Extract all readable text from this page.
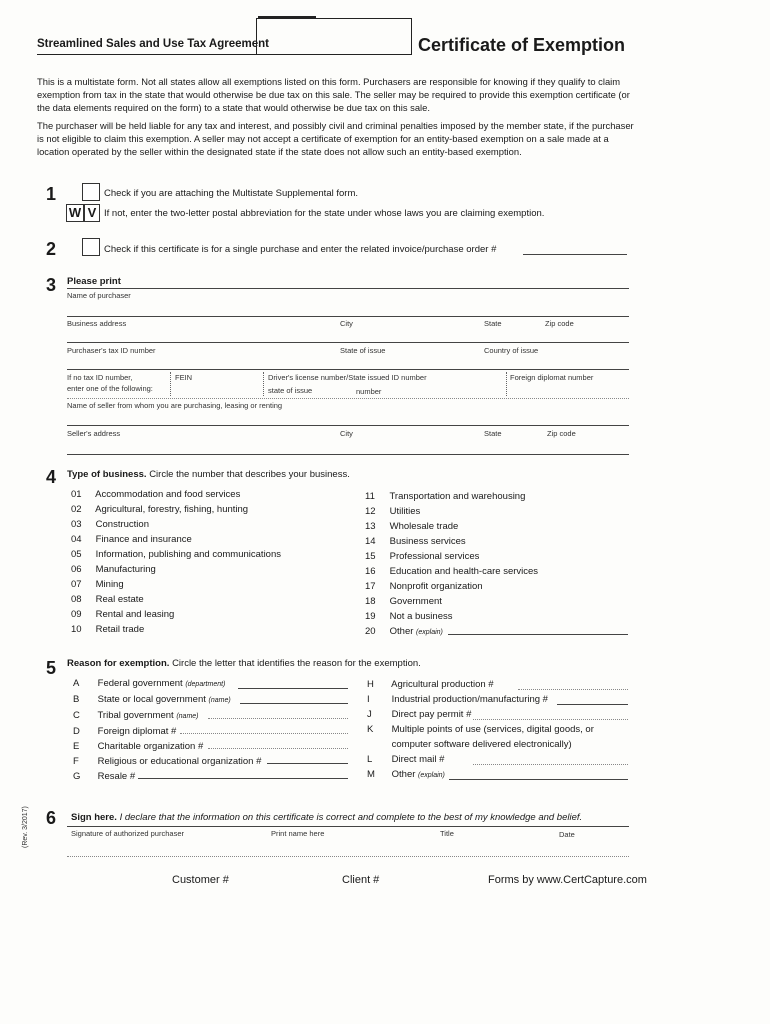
Streamlined Sales and Use Tax Agreement	Certificate of Exemption
This is a multistate form. Not all states allow all exemptions listed on this form. Purchasers are responsible for knowing if they qualify to claim exemption from tax in the state that would otherwise be due tax on this sale. The seller may be required to provide this exemption certificate (or the data elements required on the form) to a state that would otherwise be due tax on this sale.
The purchaser will be held liable for any tax and interest, and possibly civil and criminal penalties imposed by the member state, if the purchaser is not eligible to claim this exemption. A seller may not accept a certificate of exemption for an entity-based exemption on a sale made at a location operated by the seller within the designated state if the state does not allow such an entity-based exemption.
1	Check if you are attaching the Multistate Supplemental form.
W V If not, enter the two-letter postal abbreviation for the state under whose laws you are claiming exemption.
2	Check if this certificate is for a single purchase and enter the related invoice/purchase order #
3 Please print
Name of purchaser
Business address	City	State	Zip code
Purchaser's tax ID number	State of issue	Country of issue
If no tax ID number,
enter one of the following:
FEIN	Driver's license number/State issued ID number
state of issue	number
Foreign diplomat number
Name of seller from whom you are purchasing, leasing or renting
Seller's address	City	State	Zip code
4 Type of business. Circle the number that describes your business.
01 Accommodation and food services
02 Agricultural, forestry, fishing, hunting
03 Construction
04 Finance and insurance
05 Information, publishing and communications
06 Manufacturing
07 Mining
08 Real estate
09 Rental and leasing
10 Retail trade
11 Transportation and warehousing
12 Utilities
13 Wholesale trade
14 Business services
15 Professional services
16 Education and health-care services
17 Nonprofit organization
18 Government
19 Not a business
20 Other (explain)
5 Reason for exemption. Circle the letter that identifies the reason for the exemption.
A Federal government (department)
B State or local government (name)
C Tribal government (name)
D Foreign diplomat #
E Charitable organization #
F Religious or educational organization #
G Resale #
H Agricultural production #
I Industrial production/manufacturing #
J Direct pay permit #
K Multiple points of use (services, digital goods, or
computer software delivered electronically)
L Direct mail #
M Other (explain)
6 Sign here. I declare that the information on this certificate is correct and complete to the best of my knowledge and belief.
Signature of authorized purchaser	Print name here	Title	Date
(Rev. 3/2017)
Customer #	Client #	Forms by www.CertCapture.com
